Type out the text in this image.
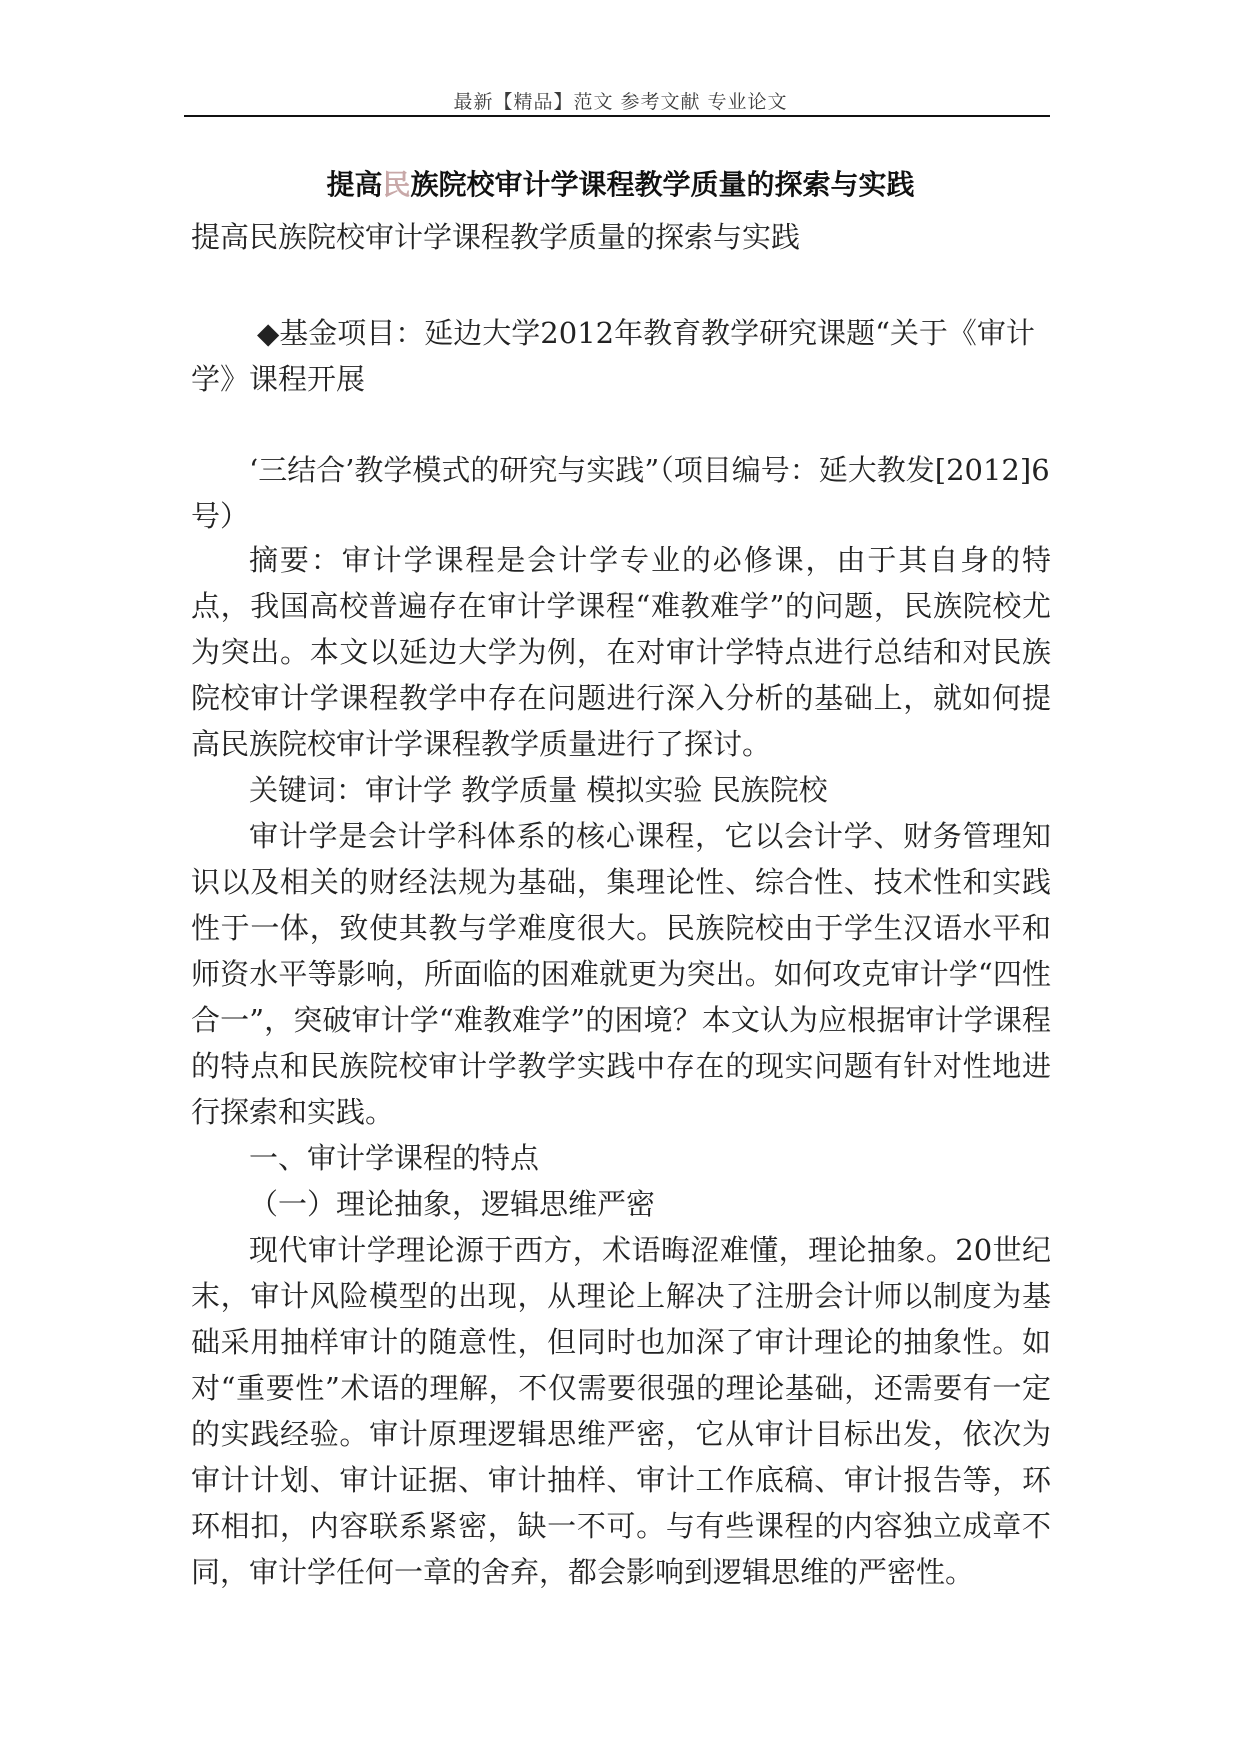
最新【精品】范文 参考文献 专业论文
提高民族院校审计学课程教学质量的探索与实践

提高民族院校审计学课程教学质量的探索与实践

◆基金项目：延边大学2012年教育教学研究课题“关于《审计学》课程开展

‘三结合’教学模式的研究与实践”（项目编号：延大教发[2012]6号）

摘要：审计学课程是会计学专业的必修课，由于其自身的特点，我国高校普遍存在审计学课程“难教难学”的问题，民族院校尤为突出。本文以延边大学为例，在对审计学特点进行总结和对民族院校审计学课程教学中存在问题进行深入分析的基础上，就如何提高民族院校审计学课程教学质量进行了探讨。

关键词：审计学 教学质量 模拟实验 民族院校

审计学是会计学科体系的核心课程，它以会计学、财务管理知识以及相关的财经法规为基础，集理论性、综合性、技术性和实践性于一体，致使其教与学难度很大。民族院校由于学生汉语水平和师资水平等影响，所面临的困难就更为突出。如何攻克审计学“四性合一”，突破审计学“难教难学”的困境？本文认为应根据审计学课程的特点和民族院校审计学教学实践中存在的现实问题有针对性地进行探索和实践。

一、审计学课程的特点

（一）理论抽象，逻辑思维严密

现代审计学理论源于西方，术语晦涩难懂，理论抽象。20世纪末，审计风险模型的出现，从理论上解决了注册会计师以制度为基础采用抽样审计的随意性，但同时也加深了审计理论的抽象性。如对“重要性”术语的理解，不仅需要很强的理论基础，还需要有一定的实践经验。审计原理逻辑思维严密，它从审计目标出发，依次为审计计划、审计证据、审计抽样、审计工作底稿、审计报告等，环环相扣，内容联系紧密，缺一不可。与有些课程的内容独立成章不同，审计学任何一章的舍弃，都会影响到逻辑思维的严密性。
